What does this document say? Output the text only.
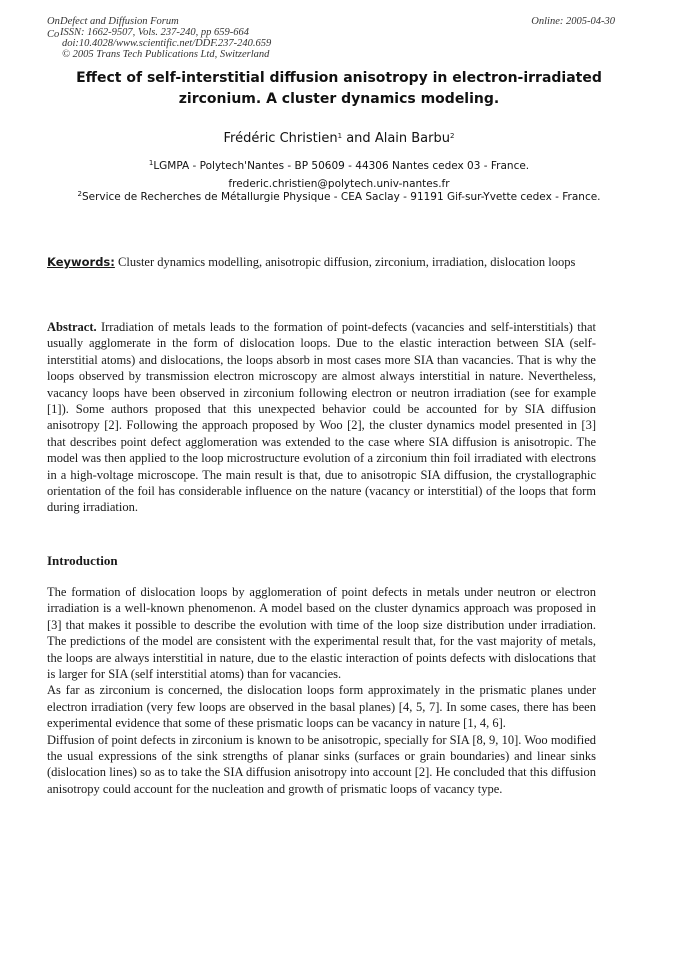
On
Co
Defect and Diffusion Forum
ISSN: 1662-9507, Vols. 237-240, pp 659-664
doi:10.4028/www.scientific.net/DDF.237-240.659
© 2005 Trans Tech Publications Ltd, Switzerland
Online: 2005-04-30
Effect of self-interstitial diffusion anisotropy in electron-irradiated
zirconium. A cluster dynamics modeling.
Frédéric Christien$^1$ and Alain Barbu$^2$
$^1$LGMPA - Polytech'Nantes - BP 50609 - 44306 Nantes cedex 03 - France.
frederic.christien@polytech.univ-nantes.fr
$^2$Service de Recherches de Métallurgie Physique - CEA Saclay - 91191 Gif-sur-Yvette cedex - France.
Keywords: Cluster dynamics modelling, anisotropic diffusion, zirconium, irradiation, dislocation loops
Abstract. Irradiation of metals leads to the formation of point-defects (vacancies and self-interstitials) that usually agglomerate in the form of dislocation loops. Due to the elastic interaction between SIA (self-interstitial atoms) and dislocations, the loops absorb in most cases more SIA than vacancies. That is why the loops observed by transmission electron microscopy are almost always interstitial in nature. Nevertheless, vacancy loops have been observed in zirconium following electron or neutron irradiation (see for example [1]). Some authors proposed that this unexpected behavior could be accounted for by SIA diffusion anisotropy [2]. Following the approach proposed by Woo [2], the cluster dynamics model presented in [3] that describes point defect agglomeration was extended to the case where SIA diffusion is anisotropic. The model was then applied to the loop microstructure evolution of a zirconium thin foil irradiated with electrons in a high-voltage microscope. The main result is that, due to anisotropic SIA diffusion, the crystallographic orientation of the foil has considerable influence on the nature (vacancy or interstitial) of the loops that form during irradiation.
Introduction
The formation of dislocation loops by agglomeration of point defects in metals under neutron or electron irradiation is a well-known phenomenon. A model based on the cluster dynamics approach was proposed in [3] that makes it possible to describe the evolution with time of the loop size distribution under irradiation. The predictions of the model are consistent with the experimental result that, for the vast majority of metals, the loops are always interstitial in nature, due to the elastic interaction of points defects with dislocations that is larger for SIA (self interstitial atoms) than for vacancies.
As far as zirconium is concerned, the dislocation loops form approximately in the prismatic planes under electron irradiation (very few loops are observed in the basal planes) [4, 5, 7]. In some cases, there has been experimental evidence that some of these prismatic loops can be vacancy in nature [1, 4, 6].
Diffusion of point defects in zirconium is known to be anisotropic, specially for SIA [8, 9, 10]. Woo modified the usual expressions of the sink strengths of planar sinks (surfaces or grain boundaries) and linear sinks (dislocation lines) so as to take the SIA diffusion anisotropy into account [2]. He concluded that this diffusion anisotropy could account for the nucleation and growth of prismatic loops of vacancy type.
